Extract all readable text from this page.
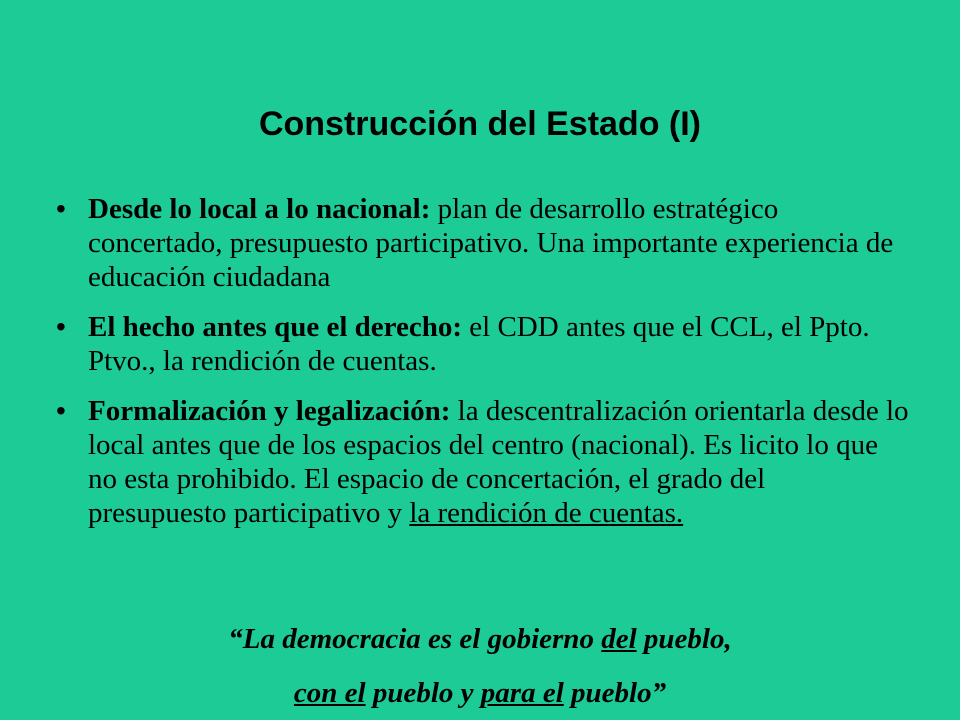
Construcción del Estado (I)
• Desde lo local a lo nacional: plan de desarrollo estratégico concertado, presupuesto participativo. Una importante experiencia de educación ciudadana
• El hecho antes que el derecho: el CDD antes que el CCL, el Ppto. Ptvo., la rendición de cuentas.
• Formalización y legalización: la descentralización orientarla desde lo local antes que de los espacios del centro (nacional). Es licito lo que no esta prohibido. El espacio de concertación, el grado del presupuesto participativo y la rendición de cuentas.

“La democracia es el gobierno del pueblo,

con el pueblo y para el pueblo”
